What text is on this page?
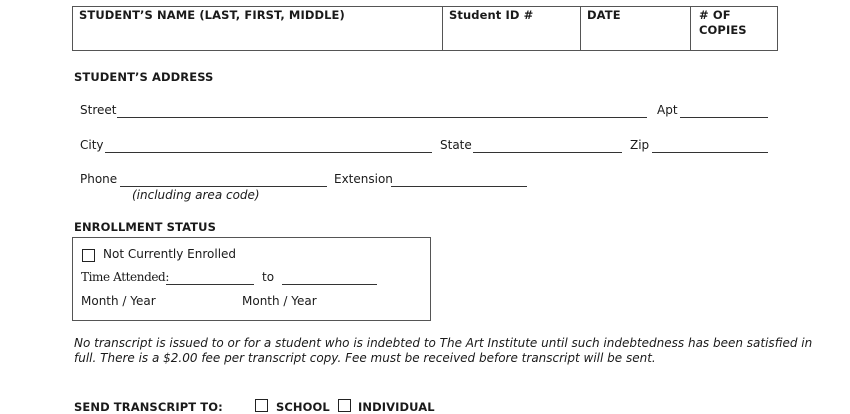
STUDENT’S NAME (LAST, FIRST, MIDDLE)	Student ID #	DATE	# OF
COPIES
STUDENT’S ADDRESS
Street	Apt
City	State	Zip
Phone	Extension
(including area code)
ENROLLMENT STATUS
Not Currently Enrolled
Time Attended:	to
Month / Year	Month / Year
No transcript is issued to or for a student who is indebted to The Art Institute until such indebtedness has been satisfied in
full. There is a $2.00 fee per transcript copy. Fee must be received before transcript will be sent.
SEND TRANSCRIPT TO:	SCHOOL INDIVIDUAL
